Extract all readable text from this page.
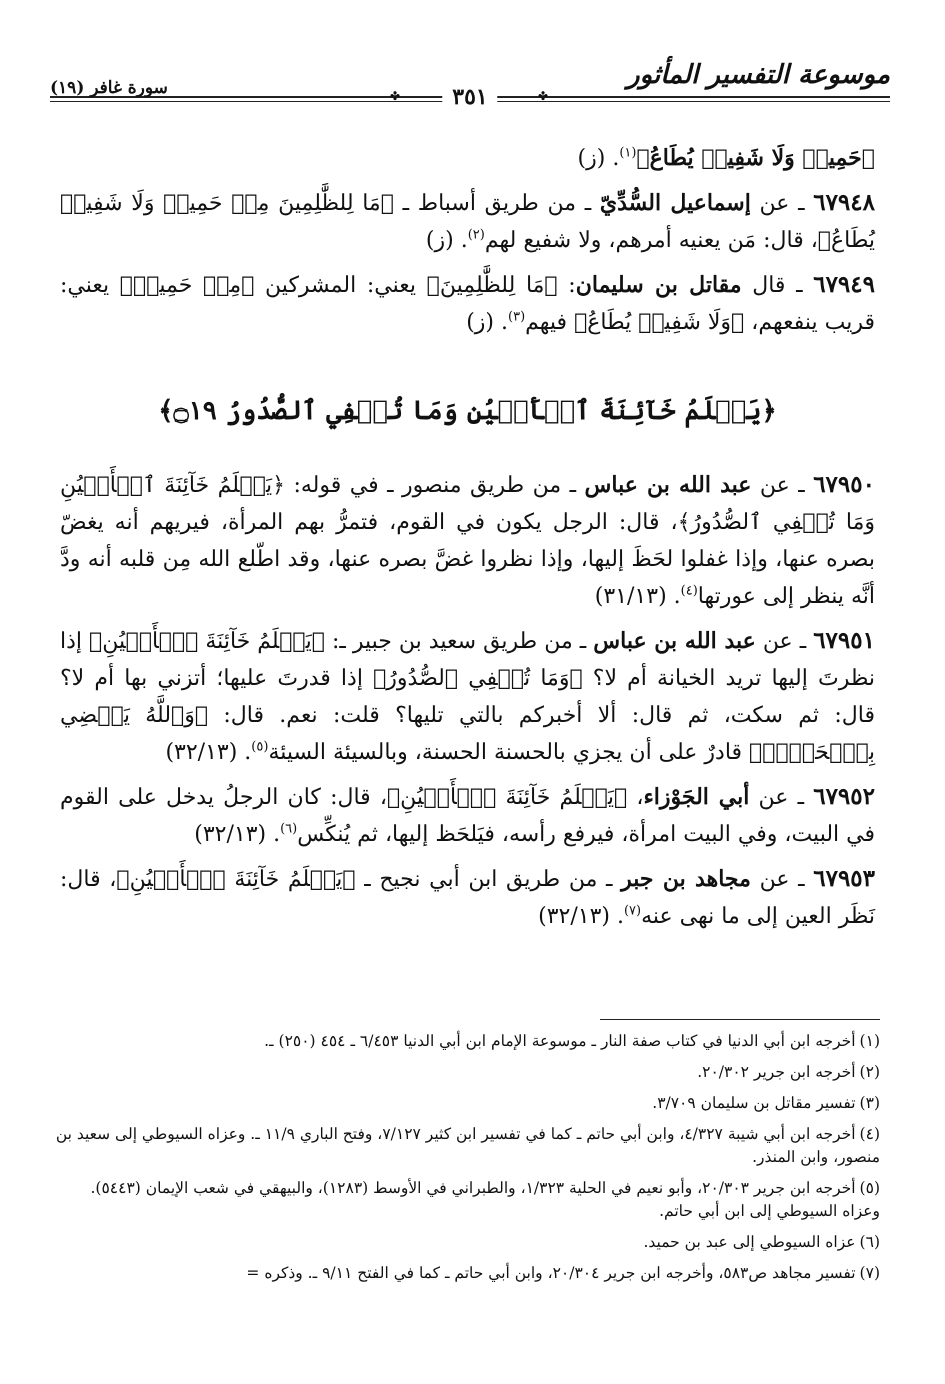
موسوعة التفسير المأثور
✤	٣٥١	✤
سورة غافر (١٩)

﴿حَمِيمٖ وَلَا شَفِيعٖ يُطَاعُ﴾$^{(١)}$. (ز)

٦٧٩٤٨ ـ عن إسماعيل السُّدِّيّ ـ من طريق أسباط ـ ﴿مَا لِلظَّٰلِمِينَ مِنۡ حَمِيمٖ وَلَا شَفِيعٖ يُطَاعُ﴾، قال: مَن يعنيه أمرهم، ولا شفيع لهم$^{(٢)}$. (ز)

٦٧٩٤٩ ـ قال مقاتل بن سليمان: ﴿مَا لِلظَّٰلِمِينَ﴾ يعني: المشركين ﴿مِنۡ حَمِيمٖ﴾ يعني: قريب ينفعهم، ﴿وَلَا شَفِيعٖ يُطَاعُ﴾ فيهم$^{(٣)}$. (ز)

﴿يَعۡلَمُ خَآئِنَةَ ٱلۡأَعۡيُنِ وَمَا تُخۡفِي ٱلصُّدُورُ ۝١٩﴾

٦٧٩٥٠ ـ عن عبد الله بن عباس ـ من طريق منصور ـ في قوله: ﴿يَعۡلَمُ خَآئِنَةَ ٱلۡأَعۡيُنِ وَمَا تُخۡفِي ٱلصُّدُورُ﴾، قال: الرجل يكون في القوم، فتمرُّ بهم المرأة، فيريهم أنه يغضّ بصره عنها، وإذا غفلوا لحَظَ إليها، وإذا نظروا غضَّ بصره عنها، وقد اطّلع الله مِن قلبه أنه ودَّ أنَّه ينظر إلى عورتها$^{(٤)}$. (٣١/١٣)

٦٧٩٥١ ـ عن عبد الله بن عباس ـ من طريق سعيد بن جبير ـ: ﴿يَعۡلَمُ خَآئِنَةَ ٱلۡأَعۡيُنِ﴾ إذا نظرتَ إليها تريد الخيانة أم لا؟ ﴿وَمَا تُخۡفِي ٱلصُّدُورُ﴾ إذا قدرتَ عليها؛ أتزني بها أم لا؟ قال: ثم سكت، ثم قال: ألا أخبركم بالتي تليها؟ قلت: نعم. قال: ﴿وَٱللَّهُ يَقۡضِي بِٱلۡحَقِّۖ﴾ قادرٌ على أن يجزي بالحسنة الحسنة، وبالسيئة السيئة$^{(٥)}$. (٣٢/١٣)

٦٧٩٥٢ ـ عن أبي الجَوْزاء، ﴿يَعۡلَمُ خَآئِنَةَ ٱلۡأَعۡيُنِ﴾، قال: كان الرجلُ يدخل على القوم في البيت، وفي البيت امرأة، فيرفع رأسه، فيَلحَظ إليها، ثم يُنكِّس$^{(٦)}$. (٣٢/١٣)

٦٧٩٥٣ ـ عن مجاهد بن جبر ـ من طريق ابن أبي نجيح ـ ﴿يَعۡلَمُ خَآئِنَةَ ٱلۡأَعۡيُنِ﴾، قال: نَظَر العين إلى ما نهى عنه$^{(٧)}$. (٣٢/١٣)

(١)أخرجه ابن أبي الدنيا في كتاب صفة النار ـ موسوعة الإمام ابن أبي الدنيا ٦/٤٥٣ ـ ٤٥٤ (٢٥٠) ـ.

(٢)أخرجه ابن جرير ٢٠/٣٠٢.

(٣)تفسير مقاتل بن سليمان ٣/٧٠٩.

(٤)أخرجه ابن أبي شيبة ٤/٣٢٧، وابن أبي حاتم ـ كما في تفسير ابن كثير ٧/١٢٧، وفتح الباري ١١/٩ ـ. وعزاه السيوطي إلى سعيد بن منصور، وابن المنذر.

(٥)أخرجه ابن جرير ٢٠/٣٠٣، وأبو نعيم في الحلية ١/٣٢٣، والطبراني في الأوسط (١٢٨٣)، والبيهقي في شعب الإيمان (٥٤٤٣). وعزاه السيوطي إلى ابن أبي حاتم.

(٦)عزاه السيوطي إلى عبد بن حميد.

(٧)تفسير مجاهد ص٥٨٣، وأخرجه ابن جرير ٢٠/٣٠٤، وابن أبي حاتم ـ كما في الفتح ٩/١١ ـ. وذكره =
